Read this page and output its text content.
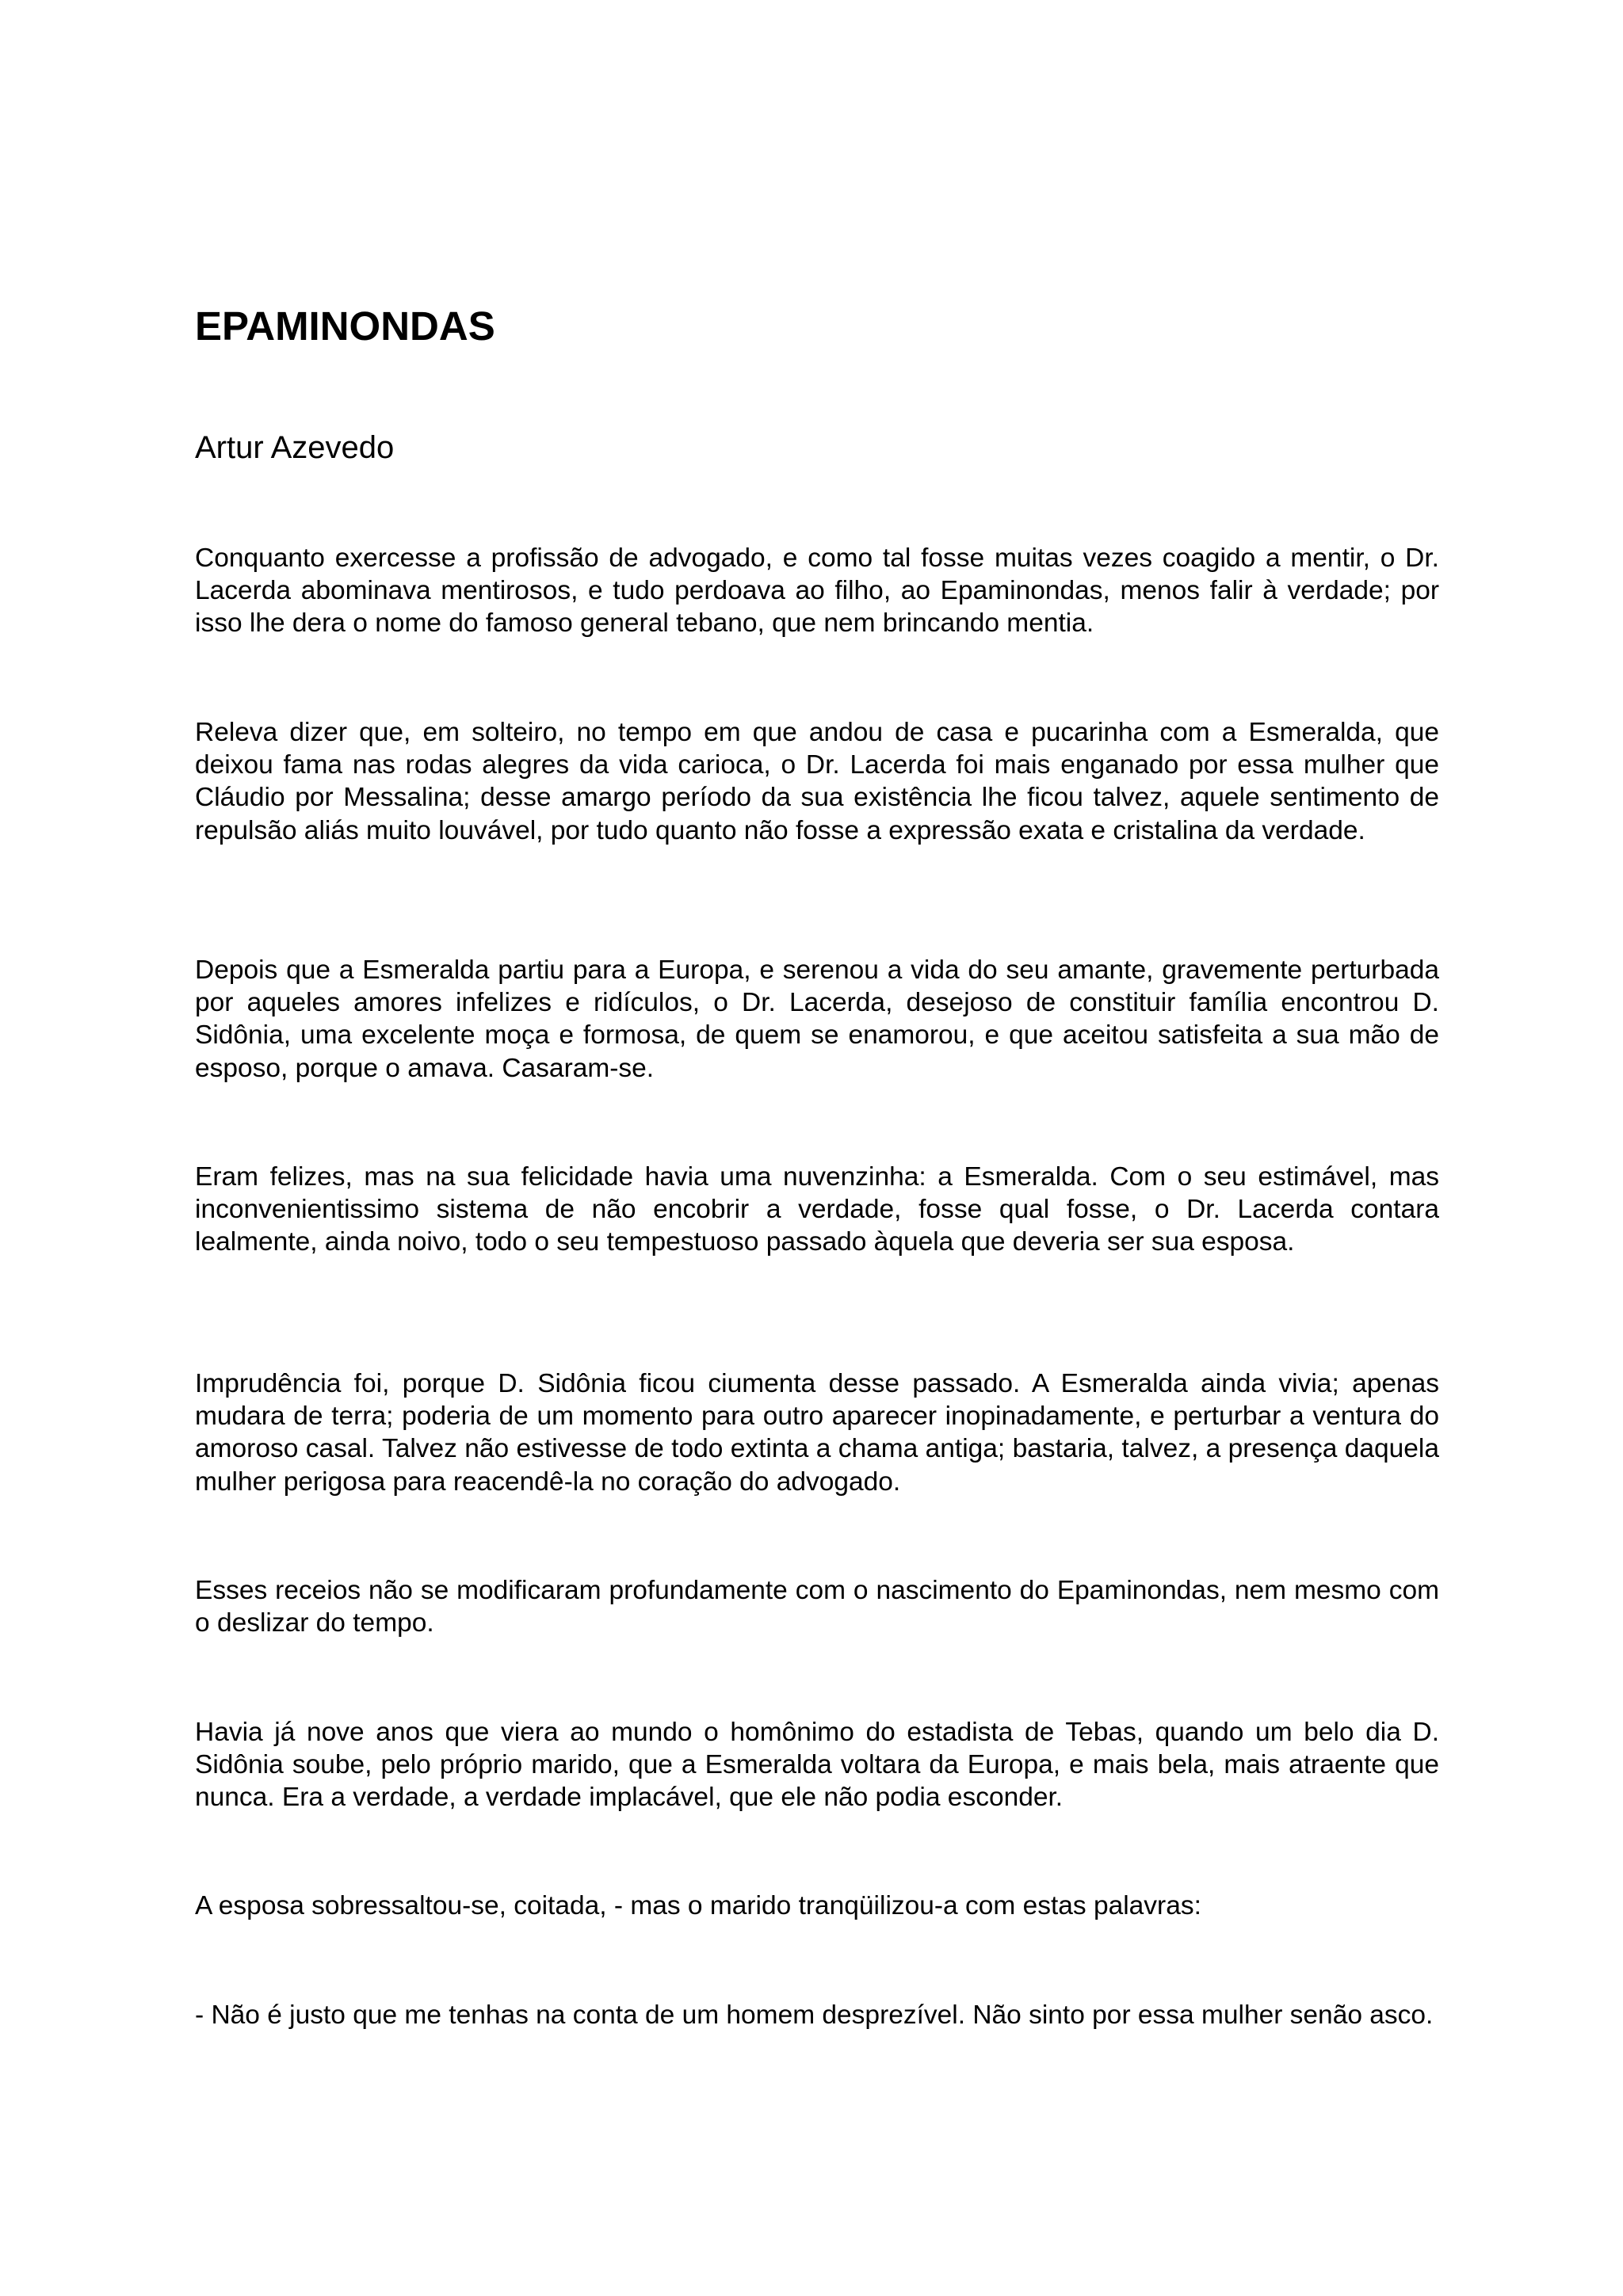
EPAMINONDAS

Artur Azevedo

Conquanto exercesse a profissão de advogado, e como tal fosse muitas vezes coagido a mentir, o Dr. Lacerda abominava mentirosos, e tudo perdoava ao filho, ao Epaminondas, menos falir à verdade; por isso lhe dera o nome do famoso general tebano, que nem brincando mentia.

Releva dizer que, em solteiro, no tempo em que andou de casa e pucarinha com a Esmeralda, que deixou fama nas rodas alegres da vida carioca, o Dr. Lacerda foi mais enganado por essa mulher que Cláudio por Messalina; desse amargo período da sua existência lhe ficou talvez, aquele sentimento de repulsão aliás muito louvável, por tudo quanto não fosse a expressão exata e cristalina da verdade.

Depois que a Esmeralda partiu para a Europa, e serenou a vida do seu amante, gravemente perturbada por aqueles amores infelizes e ridículos, o Dr. Lacerda, desejoso de constituir família encontrou D. Sidônia, uma excelente moça e formosa, de quem se enamorou, e que aceitou satisfeita a sua mão de esposo, porque o amava. Casaram-se.

Eram felizes, mas na sua felicidade havia uma nuvenzinha: a Esmeralda. Com o seu estimável, mas inconvenientissimo sistema de não encobrir a verdade, fosse qual fosse, o Dr. Lacerda contara lealmente, ainda noivo, todo o seu tempestuoso passado àquela que deveria ser sua esposa.

Imprudência foi, porque D. Sidônia ficou ciumenta desse passado. A Esmeralda ainda vivia; apenas mudara de terra; poderia de um momento para outro aparecer inopinadamente, e perturbar a ventura do amoroso casal. Talvez não estivesse de todo extinta a chama antiga; bastaria, talvez, a presença daquela mulher perigosa para reacendê-la no coração do advogado.

Esses receios não se modificaram profundamente com o nascimento do Epaminondas, nem mesmo com o deslizar do tempo.

Havia já nove anos que viera ao mundo o homônimo do estadista de Tebas, quando um belo dia D. Sidônia soube, pelo próprio marido, que a Esmeralda voltara da Europa, e mais bela, mais atraente que nunca. Era a verdade, a verdade implacável, que ele não podia esconder.

A esposa sobressaltou-se, coitada, - mas o marido tranqüilizou-a com estas palavras:

- Não é justo que me tenhas na conta de um homem desprezível. Não sinto por essa mulher senão asco.
